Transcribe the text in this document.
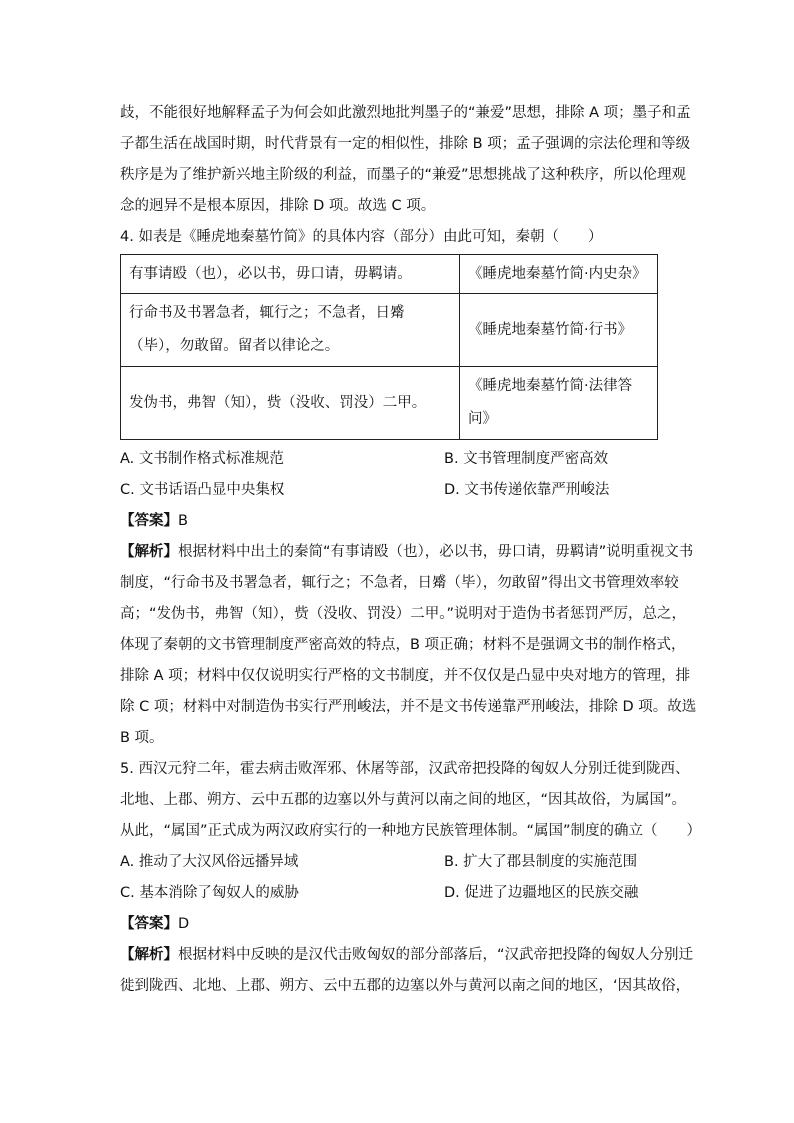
歧，不能很好地解释孟子为何会如此激烈地批判墨子的“兼爱”思想，排除 A 项；墨子和孟
子都生活在战国时期，时代背景有一定的相似性，排除 B 项；孟子强调的宗法伦理和等级
秩序是为了维护新兴地主阶级的利益，而墨子的“兼爱”思想挑战了这种秩序，所以伦理观
念的迥异不是根本原因，排除 D 项。故选 C 项。
4. 如表是《睡虎地秦墓竹简》的具体内容（部分）由此可知，秦朝（　　）
有事请殴（也），必以书，毋口请，毋羁请。	《睡虎地秦墓竹简·内史杂》
行命书及书署急者，辄行之；不急者，日觱（毕），勿敢留。留者以律论之。	《睡虎地秦墓竹简·行书》
发伪书，弗智（知），赀（没收、罚没）二甲。	《睡虎地秦墓竹简·法律答问》
A. 文书制作格式标准规范	B. 文书管理制度严密高效
C. 文书话语凸显中央集权	D. 文书传递依靠严刑峻法
【答案】B
【解析】根据材料中出土的秦简“有事请殴（也），必以书，毋口请，毋羁请”说明重视文书
制度，“行命书及书署急者，辄行之；不急者，日觱（毕），勿敢留”得出文书管理效率较
高；“发伪书，弗智（知），赀（没收、罚没）二甲。”说明对于造伪书者惩罚严厉，总之，
体现了秦朝的文书管理制度严密高效的特点，B 项正确；材料不是强调文书的制作格式，
排除 A 项；材料中仅仅说明实行严格的文书制度，并不仅仅是凸显中央对地方的管理，排
除 C 项；材料中对制造伪书实行严刑峻法，并不是文书传递靠严刑峻法，排除 D 项。故选
B 项。
5. 西汉元狩二年，霍去病击败浑邪、休屠等部，汉武帝把投降的匈奴人分别迁徙到陇西、
北地、上郡、朔方、云中五郡的边塞以外与黄河以南之间的地区，“因其故俗，为属国”。
从此，“属国”正式成为两汉政府实行的一种地方民族管理体制。“属国”制度的确立（　　）
A. 推动了大汉风俗远播异域	B. 扩大了郡县制度的实施范围
C. 基本消除了匈奴人的威胁	D. 促进了边疆地区的民族交融
【答案】D
【解析】根据材料中反映的是汉代击败匈奴的部分部落后，“汉武帝把投降的匈奴人分别迁
徙到陇西、北地、上郡、朔方、云中五郡的边塞以外与黄河以南之间的地区，‘因其故俗，
